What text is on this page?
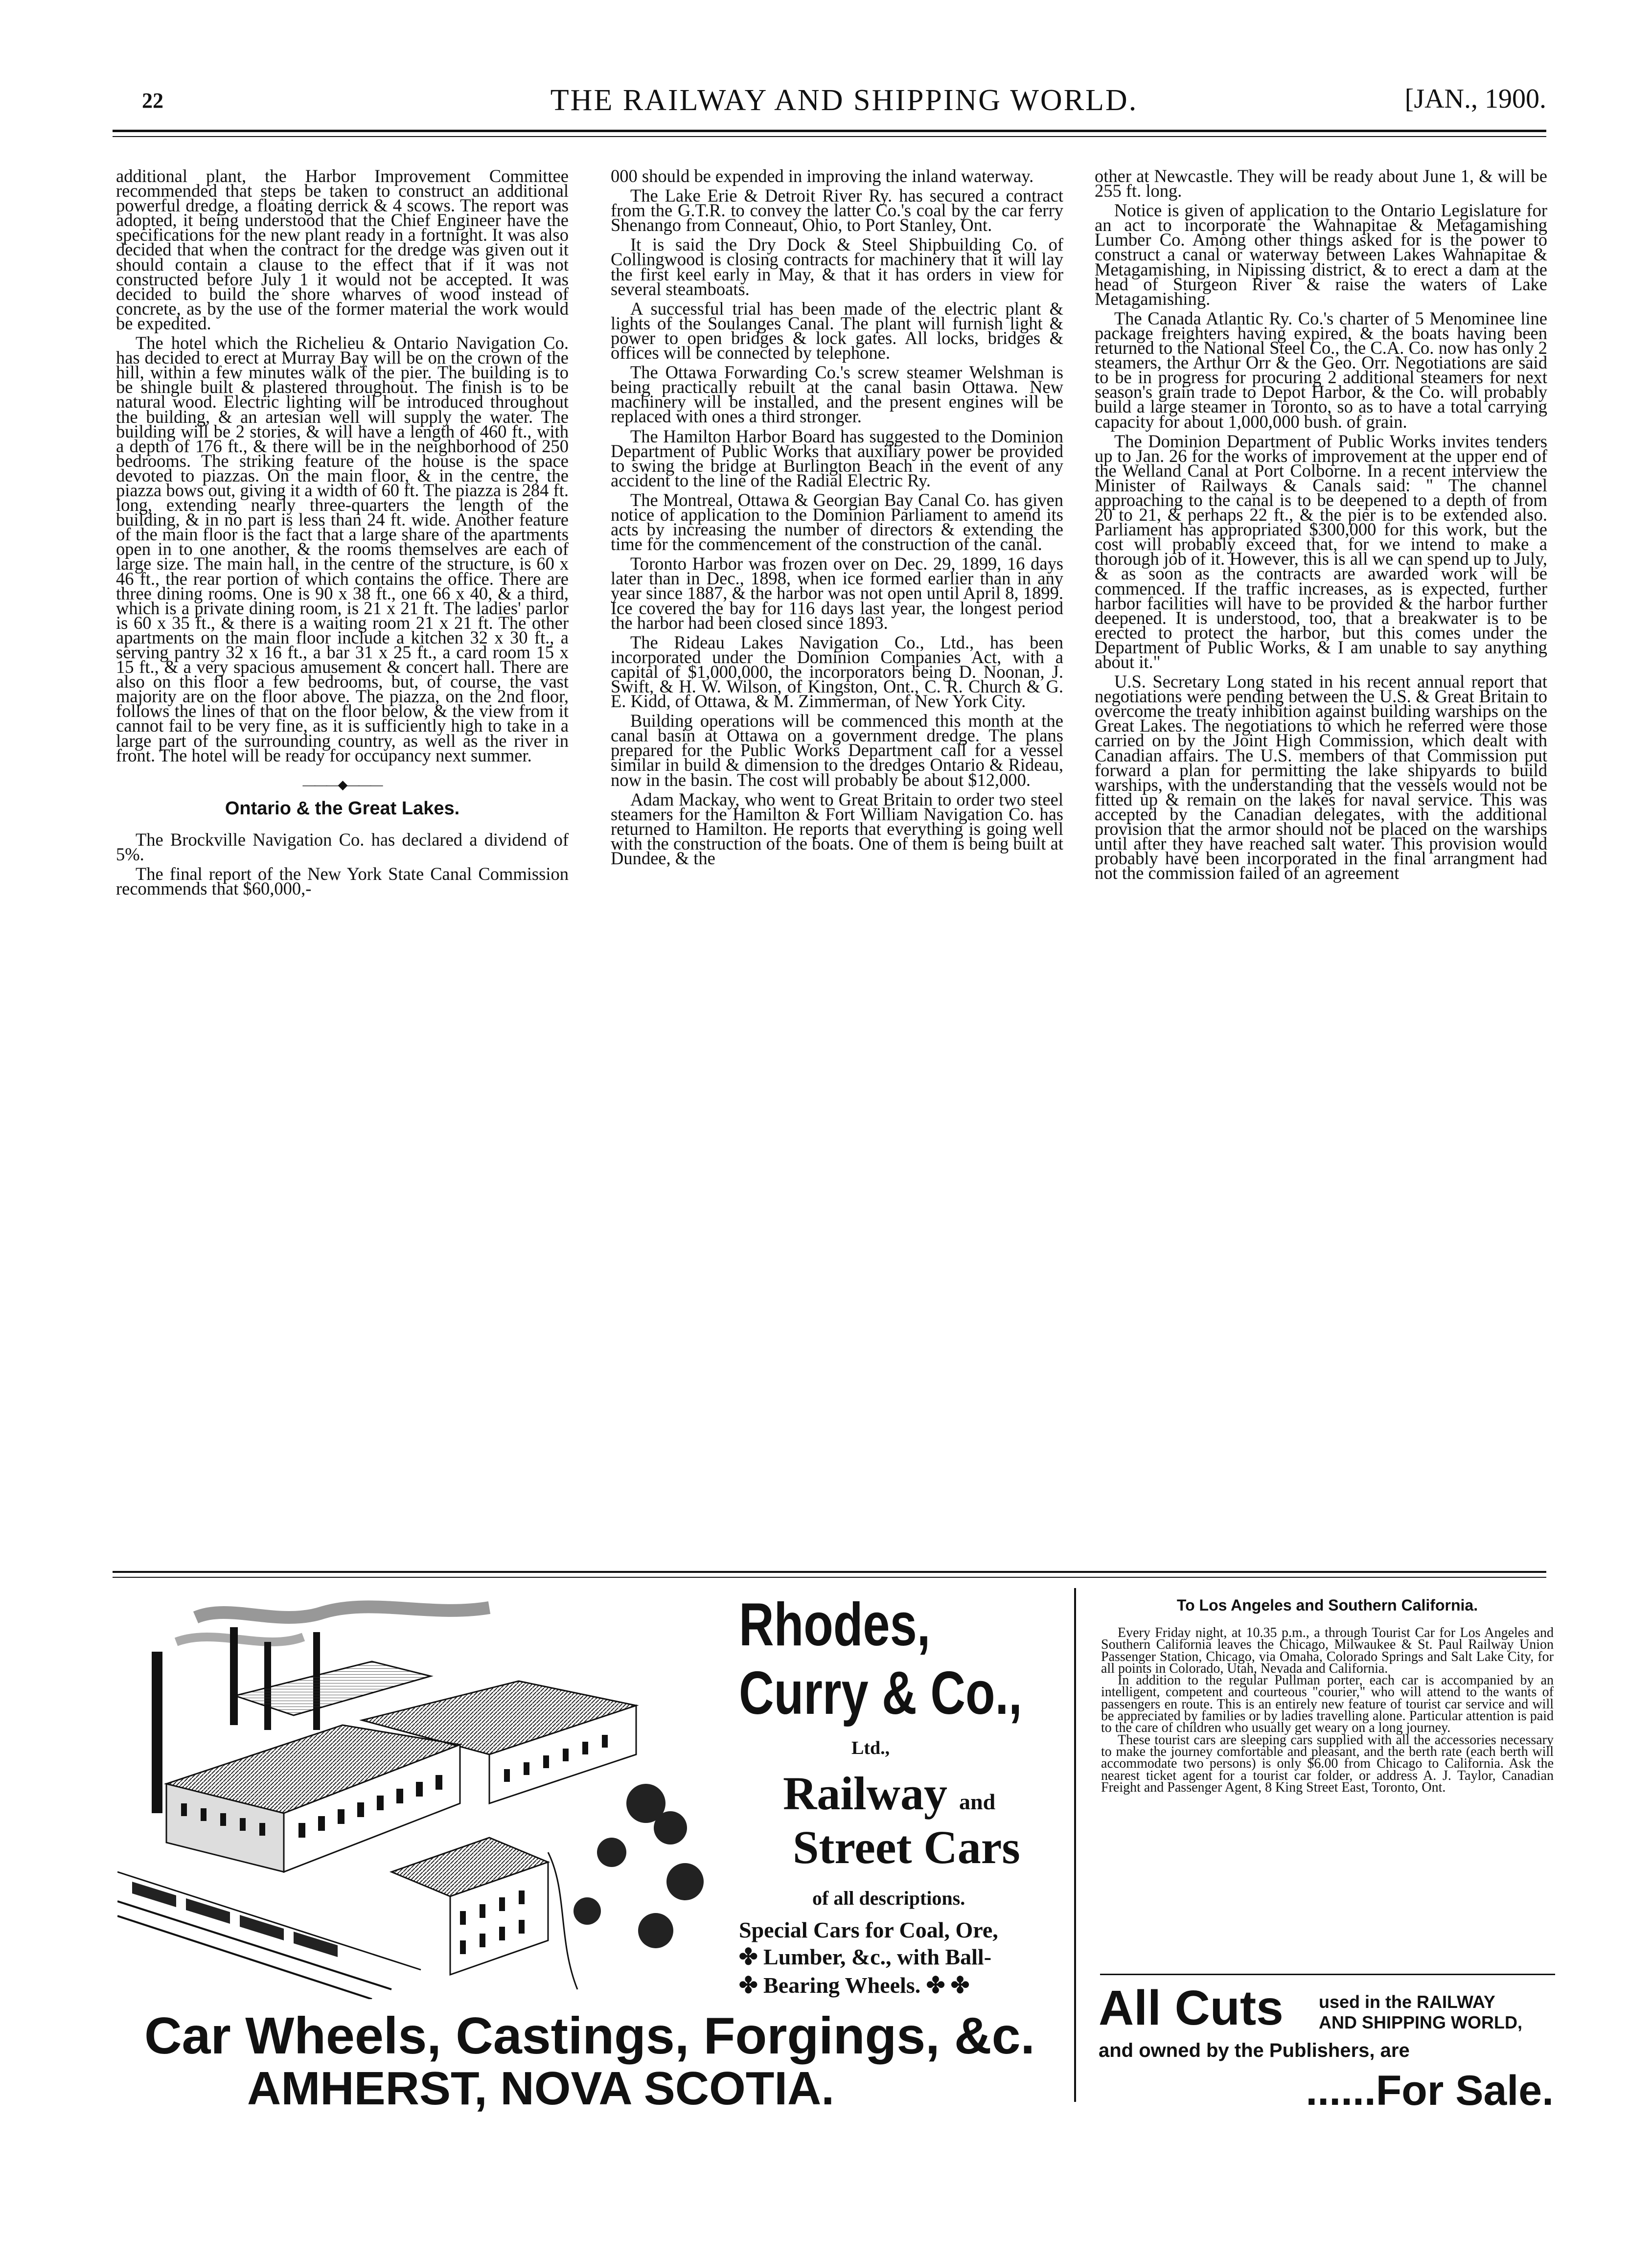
22	THE RAILWAY AND SHIPPING WORLD.	[JAN., 1900.

additional plant, the Harbor Improvement Committee recommended that steps be taken to construct an additional powerful dredge, a floating derrick & 4 scows. The report was adopted, it being understood that the Chief Engineer have the specifications for the new plant ready in a fortnight. It was also decided that when the contract for the dredge was given out it should contain a clause to the effect that if it was not constructed before July 1 it would not be accepted. It was decided to build the shore wharves of wood instead of concrete, as by the use of the former material the work would be expedited.

The hotel which the Richelieu & Ontario Navigation Co. has decided to erect at Murray Bay will be on the crown of the hill, within a few minutes walk of the pier. The building is to be shingle built & plastered throughout. The finish is to be natural wood. Electric lighting will be introduced throughout the building, & an artesian well will supply the water. The building will be 2 stories, & will have a length of 460 ft., with a depth of 176 ft., & there will be in the neighborhood of 250 bedrooms. The striking feature of the house is the space devoted to piazzas. On the main floor, & in the centre, the piazza bows out, giving it a width of 60 ft. The piazza is 284 ft. long, extending nearly three-quarters the length of the building, & in no part is less than 24 ft. wide. Another feature of the main floor is the fact that a large share of the apartments open in to one another, & the rooms themselves are each of large size. The main hall, in the centre of the structure, is 60 x 46 ft., the rear portion of which contains the office. There are three dining rooms. One is 90 x 38 ft., one 66 x 40, & a third, which is a private dining room, is 21 x 21 ft. The ladies' parlor is 60 x 35 ft., & there is a waiting room 21 x 21 ft. The other apartments on the main floor include a kitchen 32 x 30 ft., a serving pantry 32 x 16 ft., a bar 31 x 25 ft., a card room 15 x 15 ft., & a very spacious amusement & concert hall. There are also on this floor a few bedrooms, but, of course, the vast majority are on the floor above. The piazza, on the 2nd floor, follows the lines of that on the floor below, & the view from it cannot fail to be very fine, as it is sufficiently high to take in a large part of the surrounding country, as well as the river in front. The hotel will be ready for occupancy next summer.

———◆———
Ontario & the Great Lakes.

The Brockville Navigation Co. has declared a dividend of 5%.

The final report of the New York State Canal Commission recommends that $60,000,-

000 should be expended in improving the inland waterway.

The Lake Erie & Detroit River Ry. has secured a contract from the G.T.R. to convey the latter Co.'s coal by the car ferry Shenango from Conneaut, Ohio, to Port Stanley, Ont.

It is said the Dry Dock & Steel Shipbuilding Co. of Collingwood is closing contracts for machinery that it will lay the first keel early in May, & that it has orders in view for several steamboats.

A successful trial has been made of the electric plant & lights of the Soulanges Canal. The plant will furnish light & power to open bridges & lock gates. All locks, bridges & offices will be connected by telephone.

The Ottawa Forwarding Co.'s screw steamer Welshman is being practically rebuilt at the canal basin Ottawa. New machinery will be installed, and the present engines will be replaced with ones a third stronger.

The Hamilton Harbor Board has suggested to the Dominion Department of Public Works that auxiliary power be provided to swing the bridge at Burlington Beach in the event of any accident to the line of the Radial Electric Ry.

The Montreal, Ottawa & Georgian Bay Canal Co. has given notice of application to the Dominion Parliament to amend its acts by increasing the number of directors & extending the time for the commencement of the construction of the canal.

Toronto Harbor was frozen over on Dec. 29, 1899, 16 days later than in Dec., 1898, when ice formed earlier than in any year since 1887, & the harbor was not open until April 8, 1899. Ice covered the bay for 116 days last year, the longest period the harbor had been closed since 1893.

The Rideau Lakes Navigation Co., Ltd., has been incorporated under the Dominion Companies Act, with a capital of $1,000,000, the incorporators being D. Noonan, J. Swift, & H. W. Wilson, of Kingston, Ont., C. R. Church & G. E. Kidd, of Ottawa, & M. Zimmerman, of New York City.

Building operations will be commenced this month at the canal basin at Ottawa on a government dredge. The plans prepared for the Public Works Department call for a vessel similar in build & dimension to the dredges Ontario & Rideau, now in the basin. The cost will probably be about $12,000.

Adam Mackay, who went to Great Britain to order two steel steamers for the Hamilton & Fort William Navigation Co. has returned to Hamilton. He reports that everything is going well with the construction of the boats. One of them is being built at Dundee, & the

other at Newcastle. They will be ready about June 1, & will be 255 ft. long.

Notice is given of application to the Ontario Legislature for an act to incorporate the Wahnapitae & Metagamishing Lumber Co. Among other things asked for is the power to construct a canal or waterway between Lakes Wahnapitae & Metagamishing, in Nipissing district, & to erect a dam at the head of Sturgeon River & raise the waters of Lake Metagamishing.

The Canada Atlantic Ry. Co.'s charter of 5 Menominee line package freighters having expired, & the boats having been returned to the National Steel Co., the C.A. Co. now has only 2 steamers, the Arthur Orr & the Geo. Orr. Negotiations are said to be in progress for procuring 2 additional steamers for next season's grain trade to Depot Harbor, & the Co. will probably build a large steamer in Toronto, so as to have a total carrying capacity for about 1,000,000 bush. of grain.

The Dominion Department of Public Works invites tenders up to Jan. 26 for the works of improvement at the upper end of the Welland Canal at Port Colborne. In a recent interview the Minister of Railways & Canals said: " The channel approaching to the canal is to be deepened to a depth of from 20 to 21, & perhaps 22 ft., & the pier is to be extended also. Parliament has appropriated $300,000 for this work, but the cost will probably exceed that, for we intend to make a thorough job of it. However, this is all we can spend up to July, & as soon as the contracts are awarded work will be commenced. If the traffic increases, as is expected, further harbor facilities will have to be provided & the harbor further deepened. It is understood, too, that a breakwater is to be erected to protect the harbor, but this comes under the Department of Public Works, & I am unable to say anything about it."

U.S. Secretary Long stated in his recent annual report that negotiations were pending between the U.S. & Great Britain to overcome the treaty inhibition against building warships on the Great Lakes. The negotiations to which he referred were those carried on by the Joint High Commission, which dealt with Canadian affairs. The U.S. members of that Commission put forward a plan for permitting the lake shipyards to build warships, with the understanding that the vessels would not be fitted up & remain on the lakes for naval service. This was accepted by the Canadian delegates, with the additional provision that the armor should not be placed on the warships until after they have reached salt water. This provision would probably have been incorporated in the final arrangment had not the commission failed of an agreement

Rhodes,
Curry & Co.,
Ltd.,
Railway and
Street Cars
of all descriptions.
Special Cars for Coal, Ore,
✤ Lumber, &c., with Ball-
✤ Bearing Wheels. ✤ ✤
Car Wheels, Castings, Forgings, &c.
AMHERST, NOVA SCOTIA.
To Los Angeles and Southern California.

Every Friday night, at 10.35 p.m., a through Tourist Car for Los Angeles and Southern California leaves the Chicago, Milwaukee & St. Paul Railway Union Passenger Station, Chicago, via Omaha, Colorado Springs and Salt Lake City, for all points in Colorado, Utah, Nevada and California.

In addition to the regular Pullman porter, each car is accompanied by an intelligent, competent and courteous "courier," who will attend to the wants of passengers en route. This is an entirely new feature of tourist car service and will be appreciated by families or by ladies travelling alone. Particular attention is paid to the care of children who usually get weary on a long journey.

These tourist cars are sleeping cars supplied with all the accessories necessary to make the journey comfortable and pleasant, and the berth rate (each berth will accommodate two persons) is only $6.00 from Chicago to California. Ask the nearest ticket agent for a tourist car folder, or address A. J. Taylor, Canadian Freight and Passenger Agent, 8 King Street East, Toronto, Ont.

All Cuts used in the RAILWAY
AND SHIPPING WORLD,
and owned by the Publishers, are
......For Sale.
